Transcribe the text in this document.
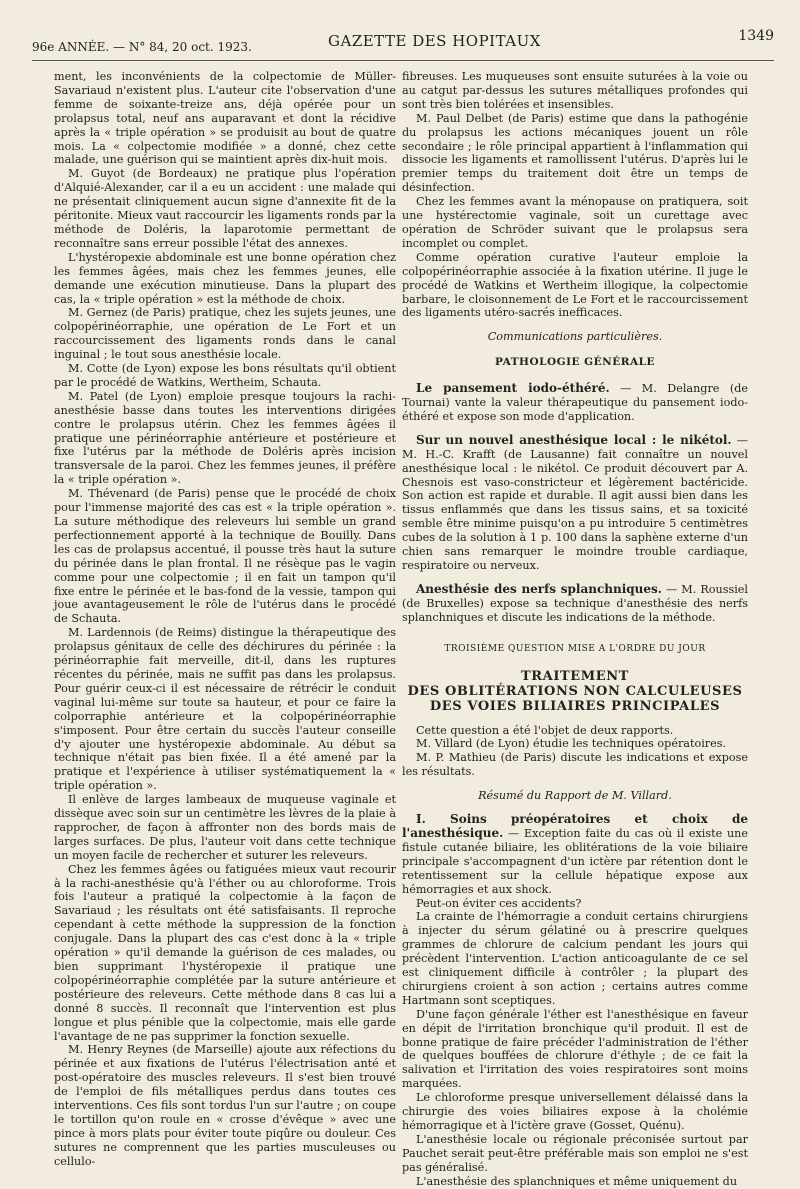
96e ANNÉE. — N° 84, 20 oct. 1923.	GAZETTE DES HOPITAUX	1349

ment, les inconvénients de la colpectomie de Müller-Savariaud n'existent plus. L'auteur cite l'observation d'une femme de soixante-treize ans, déjà opérée pour un prolapsus total, neuf ans auparavant et dont la récidive après la « triple opération » se produisit au bout de quatre mois. La « colpectomie modifiée » a donné, chez cette malade, une guérison qui se maintient après dix-huit mois.

M. Guyot (de Bordeaux) ne pratique plus l'opération d'Alquié-Alexander, car il a eu un accident : une malade qui ne présentait cliniquement aucun signe d'annexite fit de la péritonite. Mieux vaut raccourcir les ligaments ronds par la méthode de Doléris, la laparotomie permettant de reconnaître sans erreur possible l'état des annexes.

L'hystéropexie abdominale est une bonne opération chez les femmes âgées, mais chez les femmes jeunes, elle demande une exécution minutieuse. Dans la plupart des cas, la « triple opération » est la méthode de choix.

M. Gernez (de Paris) pratique, chez les sujets jeunes, une colpopérinéorraphie, une opération de Le Fort et un raccourcissement des ligaments ronds dans le canal inguinal ; le tout sous anesthésie locale.

M. Cotte (de Lyon) expose les bons résultats qu'il obtient par le procédé de Watkins, Wertheim, Schauta.

M. Patel (de Lyon) emploie presque toujours la rachi-anesthésie basse dans toutes les interventions dirigées contre le prolapsus utérin. Chez les femmes âgées il pratique une périnéorraphie antérieure et postérieure et fixe l'utérus par la méthode de Doléris après incision transversale de la paroi. Chez les femmes jeunes, il préfère la « triple opération ».

M. Thévenard (de Paris) pense que le procédé de choix pour l'immense majorité des cas est « la triple opération ». La suture méthodique des releveurs lui semble un grand perfectionnement apporté à la technique de Bouilly. Dans les cas de prolapsus accentué, il pousse très haut la suture du périnée dans le plan frontal. Il ne résèque pas le vagin comme pour une colpectomie ; il en fait un tampon qu'il fixe entre le périnée et le bas-fond de la vessie, tampon qui joue avantageusement le rôle de l'utérus dans le procédé de Schauta.

M. Lardennois (de Reims) distingue la thérapeutique des prolapsus génitaux de celle des déchirures du périnée : la périnéorraphie fait merveille, dit-il, dans les ruptures récentes du périnée, mais ne suffit pas dans les prolapsus. Pour guérir ceux-ci il est nécessaire de rétrécir le conduit vaginal lui-même sur toute sa hauteur, et pour ce faire la colporraphie antérieure et la colpopérinéorraphie s'imposent. Pour être certain du succès l'auteur conseille d'y ajouter une hystéropexie abdominale. Au début sa technique n'était pas bien fixée. Il a été amené par la pratique et l'expérience à utiliser systématiquement la « triple opération ».

Il enlève de larges lambeaux de muqueuse vaginale et dissèque avec soin sur un centimètre les lèvres de la plaie à rapprocher, de façon à affronter non des bords mais de larges surfaces. De plus, l'auteur voit dans cette technique un moyen facile de rechercher et suturer les releveurs.

Chez les femmes âgées ou fatiguées mieux vaut recourir à la rachi-anesthésie qu'à l'éther ou au chloroforme. Trois fois l'auteur a pratiqué la colpectomie à la façon de Savariaud ; les résultats ont été satisfaisants. Il reproche cependant à cette méthode la suppression de la fonction conjugale. Dans la plupart des cas c'est donc à la « triple opération » qu'il demande la guérison de ces malades, ou bien supprimant l'hystéropexie il pratique une colpopérinéorraphie complétée par la suture antérieure et postérieure des releveurs. Cette méthode dans 8 cas lui a donné 8 succès. Il reconnaît que l'intervention est plus longue et plus pénible que la colpectomie, mais elle garde l'avantage de ne pas supprimer la fonction sexuelle.

M. Henry Reynes (de Marseille) ajoute aux réfections du périnée et aux fixations de l'utérus l'électrisation anté et post-opératoire des muscles releveurs. Il s'est bien trouvé de l'emploi de fils métalliques perdus dans toutes ces interventions. Ces fils sont tordus l'un sur l'autre ; on coupe le tortillon qu'on roule en « crosse d'évêque » avec une pince à mors plats pour éviter toute piqûre ou douleur. Ces sutures ne comprennent que les parties musculeuses ou cellulo-

fibreuses. Les muqueuses sont ensuite suturées à la voie ou au catgut par-dessus les sutures métalliques profondes qui sont très bien tolérées et insensibles.

M. Paul Delbet (de Paris) estime que dans la pathogénie du prolapsus les actions mécaniques jouent un rôle secondaire ; le rôle principal appartient à l'inflammation qui dissocie les ligaments et ramollissent l'utérus. D'après lui le premier temps du traitement doit être un temps de désinfection.

Chez les femmes avant la ménopause on pratiquera, soit une hystérectomie vaginale, soit un curettage avec opération de Schröder suivant que le prolapsus sera incomplet ou complet.

Comme opération curative l'auteur emploie la colpopérinéorraphie associée à la fixation utérine. Il juge le procédé de Watkins et Wertheim illogique, la colpectomie barbare, le cloisonnement de Le Fort et le raccourcissement des ligaments utéro-sacrés inefficaces.

Communications particulières.

PATHOLOGIE GÉNÉRALE

Le pansement iodo-éthéré. — M. Delangre (de Tournai) vante la valeur thérapeutique du pansement iodo-éthéré et expose son mode d'application.

Sur un nouvel anesthésique local : le nikétol. — M. H.-C. Krafft (de Lausanne) fait connaître un nouvel anesthésique local : le nikétol. Ce produit découvert par A. Chesnois est vaso-constricteur et légèrement bactéricide. Son action est rapide et durable. Il agit aussi bien dans les tissus enflammés que dans les tissus sains, et sa toxicité semble être minime puisqu'on a pu introduire 5 centimètres cubes de la solution à 1 p. 100 dans la saphène externe d'un chien sans remarquer le moindre trouble cardiaque, respiratoire ou nerveux.

Anesthésie des nerfs splanchniques. — M. Roussiel (de Bruxelles) expose sa technique d'anesthésie des nerfs splanchniques et discute les indications de la méthode.

TROISIÈME QUESTION MISE A L'ORDRE DU JOUR

TRAITEMENT

DES OBLITÉRATIONS NON CALCULEUSES

DES VOIES BILIAIRES PRINCIPALES

Cette question a été l'objet de deux rapports.

M. Villard (de Lyon) étudie les techniques opératoires.

M. P. Mathieu (de Paris) discute les indications et expose les résultats.

Résumé du Rapport de M. Villard.

I. Soins préopératoires et choix de l'anesthésique. — Exception faite du cas où il existe une fistule cutanée biliaire, les oblitérations de la voie biliaire principale s'accompagnent d'un ictère par rétention dont le retentissement sur la cellule hépatique expose aux hémorragies et aux shock.

Peut-on éviter ces accidents?

La crainte de l'hémorragie a conduit certains chirurgiens à injecter du sérum gélatiné ou à prescrire quelques grammes de chlorure de calcium pendant les jours qui précèdent l'intervention. L'action anticoagulante de ce sel est cliniquement difficile à contrôler ; la plupart des chirurgiens croient à son action ; certains autres comme Hartmann sont sceptiques.

D'une façon générale l'éther est l'anesthésique en faveur en dépit de l'irritation bronchique qu'il produit. Il est de bonne pratique de faire précéder l'administration de l'éther de quelques bouffées de chlorure d'éthyle ; de ce fait la salivation et l'irritation des voies respiratoires sont moins marquées.

Le chloroforme presque universellement délaissé dans la chirurgie des voies biliaires expose à la cholémie hémorragique et à l'ictère grave (Gosset, Quénu).

L'anesthésie locale ou régionale préconisée surtout par Pauchet serait peut-être préférable mais son emploi ne s'est pas généralisé.

L'anesthésie des splanchniques et même uniquement du
